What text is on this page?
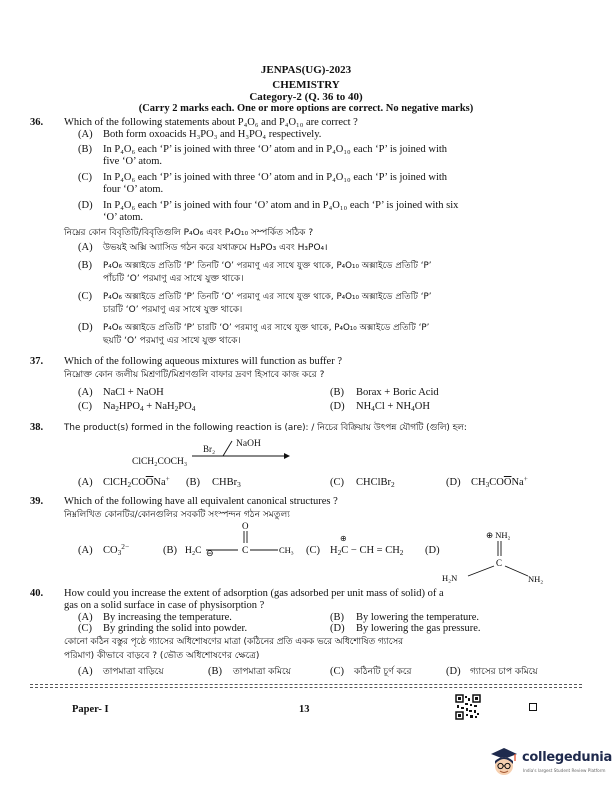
JENPAS(UG)-2023
CHEMISTRY
Category-2 (Q. 36 to 40)
(Carry 2 marks each. One or more options are correct. No negative marks)
36. Which of the following statements about P₄O₆ and P₄O₁₀ are correct ?
(A) Both form oxoacids H₃PO₃ and H₃PO₄ respectively.
(B) In P₄O₆ each ‘P’ is joined with three ‘O’ atom and in P₄O₁₀ each ‘P’ is joined with
five ‘O’ atom.
(C) In P₄O₆ each ‘P’ is joined with three ‘O’ atom and in P₄O₁₀ each ‘P’ is joined with
four ‘O’ atom.
(D) In P₄O₆ each ‘P’ is joined with four ‘O’ atom and in P₄O₁₀ each ‘P’ is joined with six
‘O’ atom.
নিম্নের কোন বিবৃতিটি/বিবৃতিগুলি P₄O₆ এবং P₄O₁₀ সম্পর্কিত সঠিক ?
(A) উভয়ই অক্সি অ্যাসিড গঠন করে যথাক্রমে H₃PO₃ এবং H₃PO₄।
(B) P₄O₆ অক্সাইডে প্রতিটি ‘P’ তিনটি ‘O’ পরমাণু এর সাথে যুক্ত থাকে, P₄O₁₀ অক্সাইডে প্রতিটি ‘P’
পাঁচটি ‘O’ পরমাণু এর সাথে যুক্ত থাকে।
(C) P₄O₆ অক্সাইডে প্রতিটি ‘P’ তিনটি ‘O’ পরমাণু এর সাথে যুক্ত থাকে, P₄O₁₀ অক্সাইডে প্রতিটি ‘P’
চারটি ‘O’ পরমাণু এর সাথে যুক্ত থাকে।
(D) P₄O₆ অক্সাইডে প্রতিটি ‘P’ চারটি ‘O’ পরমাণু এর সাথে যুক্ত থাকে, P₄O₁₀ অক্সাইডে প্রতিটি ‘P’
ছয়টি ‘O’ পরমাণু এর সাথে যুক্ত থাকে।
37. Which of the following aqueous mixtures will function as buffer ?
নিম্নোক্ত কোন জলীয় মিশ্রণটি/মিশ্রণগুলি বাফার দ্রবণ হিসাবে কাজ করে ?
(A) NaCl + NaOH	(B) Borax + Boric Acid
(C) $Na_2HPO_4 + NaH_2PO_4$	(D) $NH_4Cl + NH_4OH$
38. The product(s) formed in the following reaction is (are): / নিচের বিক্রিয়ায় উৎপন্ন যৌগটি (গুলি) হল:
Br₂ NaOH
ClCH₂COCH₃
(A) $ClCH_2CO\overline{O}Na^+$ (B) CHBr$_3$	(C) CHClBr$_2$	(D) $CH_3CO\overline{O}Na^+$
39. Which of the following have all equivalent canonical structures ?
নিম্নলিখিত কোনটির/কোনগুলির সবকটি সংস্পন্দন গঠন সমতুল্য
(A) $CO_3^{2-}$	(B)	⊖
H₂C	C	CH₃
O
(C) $H_2C$ − CH = $CH_2$
⊕
(D)
⊕ NH₂
C
H₂N	NH₂
40. How could you increase the extent of adsorption (gas adsorbed per unit mass of solid) of a
gas on a solid surface in case of physisorption ?
(A) By increasing the temperature.	(B) By lowering the temperature.
(C) By grinding the solid into powder.	(D) By lowering the gas pressure.
কোনো কঠিন বস্তুর পৃষ্ঠে গ্যাসের অধিশোষণের মাত্রা (কঠিনের প্রতি একক ভরে অধিশোষিত গ্যাসের
পরিমাণ) কীভাবে বাড়বে ? (ভৌত অধিশোষণের ক্ষেত্রে)
(A) তাপমাত্রা বাড়িয়ে	(B) তাপমাত্রা কমিয়ে	(C) কঠিনটি চূর্ণ করে	(D) গ্যাসের চাপ কমিয়ে
Paper- I	13
collegedunia
India's largest Student Review Platform
